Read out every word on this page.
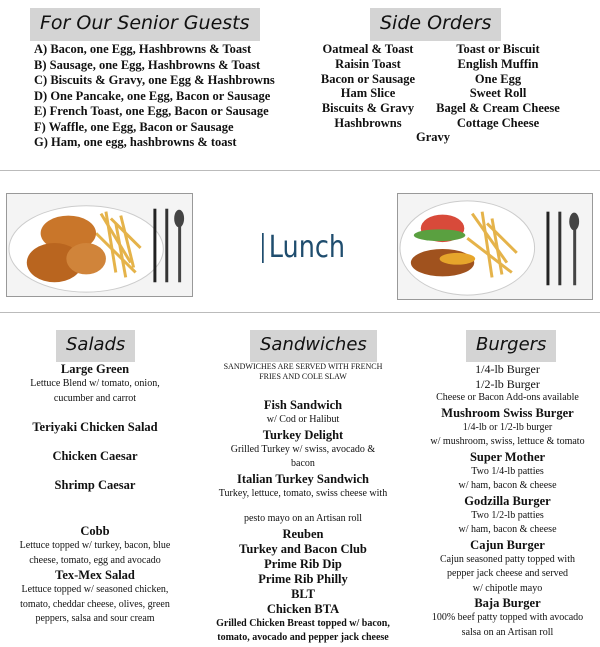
For Our Senior Guests
A) Bacon, one Egg, Hashbrowns & Toast
B) Sausage, one Egg, Hashbrowns & Toast
C) Biscuits & Gravy, one Egg & Hashbrowns
D) One Pancake, one Egg, Bacon or Sausage
E) French Toast, one Egg, Bacon or Sausage
F) Waffle, one Egg, Bacon or Sausage
G) Ham, one egg, hashbrowns & toast
Side Orders
Oatmeal & Toast
Raisin Toast
Bacon or Sausage
Ham Slice
Biscuits & Gravy
Hashbrowns
Toast or Biscuit
English Muffin
One Egg
Sweet Roll
Bagel & Cream Cheese
Cottage Cheese
Gravy
Lunch
Salads	Sandwiches	Burgers
Large Green
Lettuce Blend w/ tomato, onion,
cucumber and carrot
Teriyaki Chicken Salad
Chicken Caesar
Shrimp Caesar
Cobb
Lettuce topped w/ turkey, bacon, blue
cheese, tomato, egg and avocado
Tex-Mex Salad
Lettuce topped w/ seasoned chicken,
tomato, cheddar cheese, olives, green
peppers, salsa and sour cream
SANDWICHES ARE SERVED WITH FRENCH
FRIES AND COLE SLAW
Fish Sandwich
w/ Cod or Halibut
Turkey Delight
Grilled Turkey w/ swiss, avocado &
bacon
Italian Turkey Sandwich
Turkey, lettuce, tomato, swiss cheese with
pesto mayo on an Artisan roll
Reuben
Turkey and Bacon Club
Prime Rib Dip
Prime Rib Philly
BLT
Chicken BTA
Grilled Chicken Breast topped w/ bacon,
tomato, avocado and pepper jack cheese
1/4-lb Burger
1/2-lb Burger
Cheese or Bacon Add-ons available
Mushroom Swiss Burger
1/4-lb or 1/2-lb burger
w/ mushroom, swiss, lettuce & tomato
Super Mother
Two 1/4-lb patties
w/ ham, bacon & cheese
Godzilla Burger
Two 1/2-lb patties
w/ ham, bacon & cheese
Cajun Burger
Cajun seasoned patty topped with
pepper jack cheese and served
w/ chipotle mayo
Baja Burger
100% beef patty topped with avocado
salsa on an Artisan roll
